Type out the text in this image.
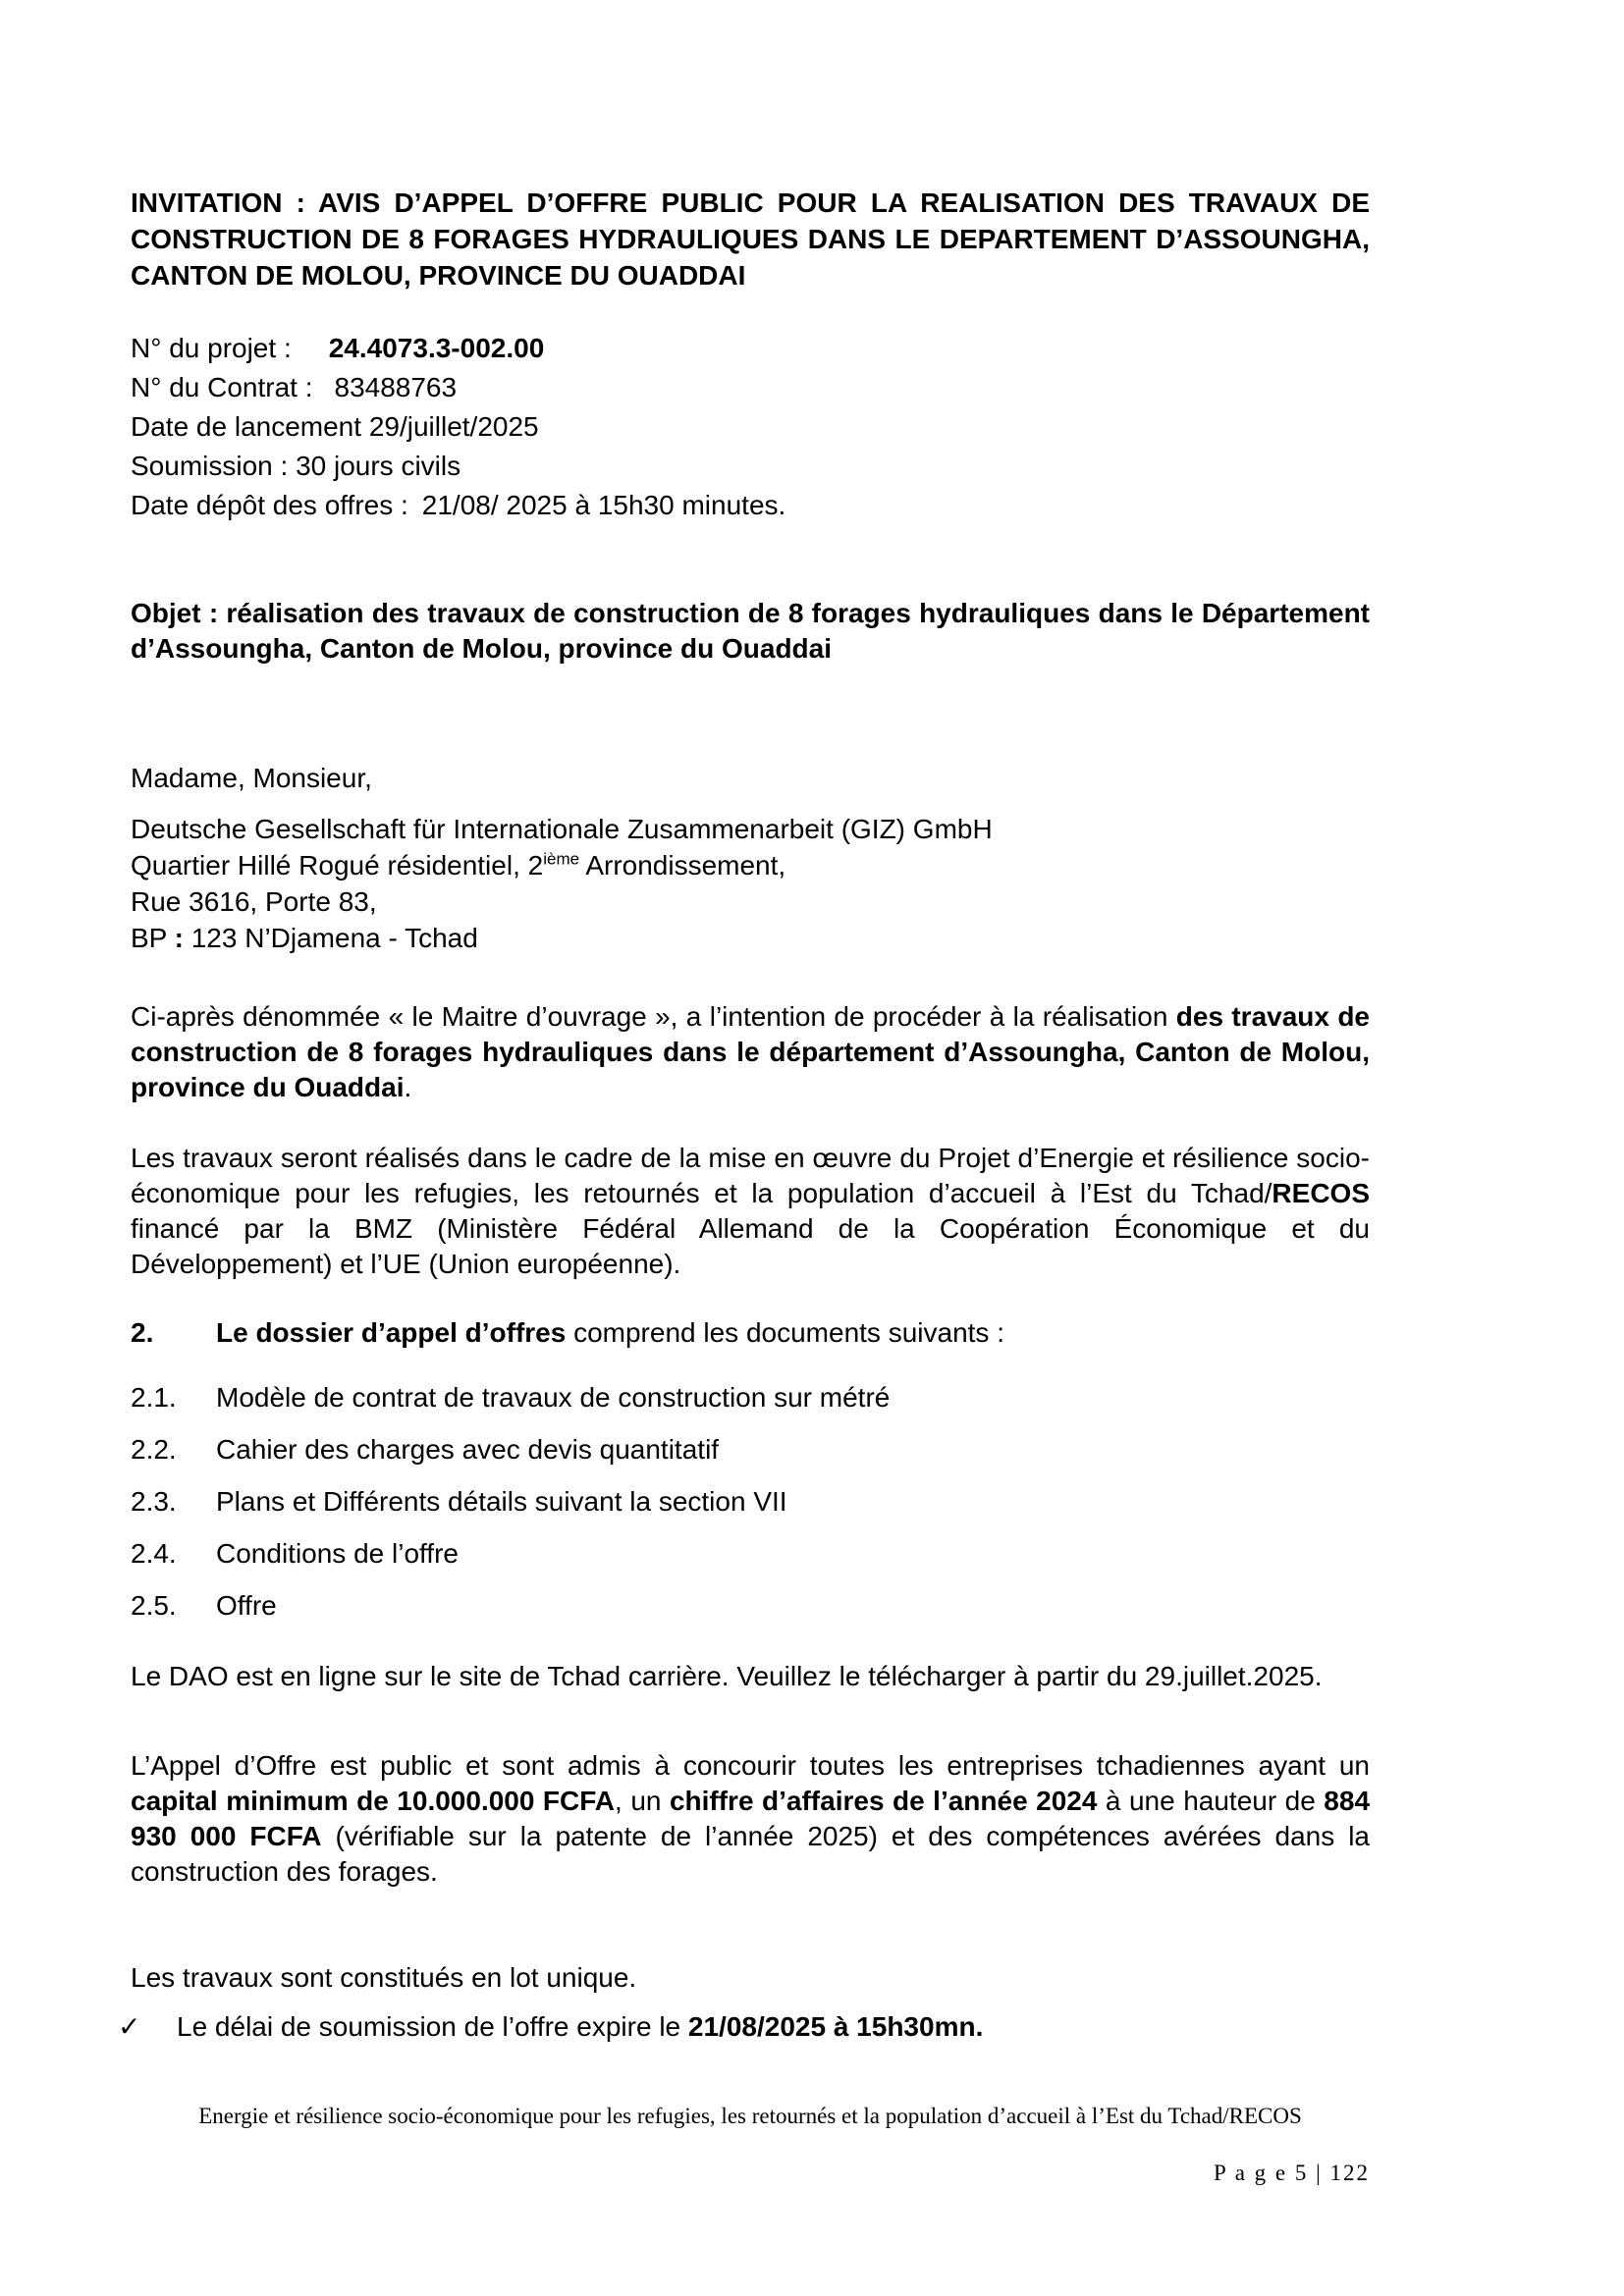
INVITATION : AVIS D’APPEL D’OFFRE PUBLIC POUR LA REALISATION DES TRAVAUX DE CONSTRUCTION DE 8 FORAGES HYDRAULIQUES DANS LE DEPARTEMENT D’ASSOUNGHA, CANTON DE MOLOU, PROVINCE DU OUADDAI

N° du projet : 24.4073.3-002.00

N° du Contrat : 83488763

Date de lancement 29/juillet/2025

Soumission : 30 jours civils

Date dépôt des offres : 21/08/ 2025 à 15h30 minutes.

Objet : réalisation des travaux de construction de 8 forages hydrauliques dans le Département d’Assoungha, Canton de Molou, province du Ouaddai

Madame, Monsieur,

Deutsche Gesellschaft für Internationale Zusammenarbeit (GIZ) GmbH

Quartier Hillé Rogué résidentiel, 2ième Arrondissement,

Rue 3616, Porte 83,

BP : 123 N’Djamena - Tchad

Ci-après dénommée « le Maitre d’ouvrage », a l’intention de procéder à la réalisation des travaux de construction de 8 forages hydrauliques dans le département d’Assoungha, Canton de Molou, province du Ouaddai.

Les travaux seront réalisés dans le cadre de la mise en œuvre du Projet d’Energie et résilience socio-économique pour les refugies, les retournés et la population d’accueil à l’Est du Tchad/RECOS financé par la BMZ (Ministère Fédéral Allemand de la Coopération Économique et du Développement) et l’UE (Union européenne).

2.	Le dossier d’appel d’offres comprend les documents suivants :
2.1.	Modèle de contrat de travaux de construction sur métré
2.2.	Cahier des charges avec devis quantitatif
2.3.	Plans et Différents détails suivant la section VII
2.4.	Conditions de l’offre
2.5.	Offre

Le DAO est en ligne sur le site de Tchad carrière. Veuillez le télécharger à partir du 29.juillet.2025.

L’Appel d’Offre est public et sont admis à concourir toutes les entreprises tchadiennes ayant un capital minimum de 10.000.000 FCFA, un chiffre d’affaires de l’année 2024 à une hauteur de 884 930 000 FCFA (vérifiable sur la patente de l’année 2025) et des compétences avérées dans la construction des forages.

Les travaux sont constitués en lot unique.

✓	Le délai de soumission de l’offre expire le 21/08/2025 à 15h30mn.

Energie et résilience socio-économique pour les refugies, les retournés et la population d’accueil à l’Est du Tchad/RECOS

P a g e 5 | 122
